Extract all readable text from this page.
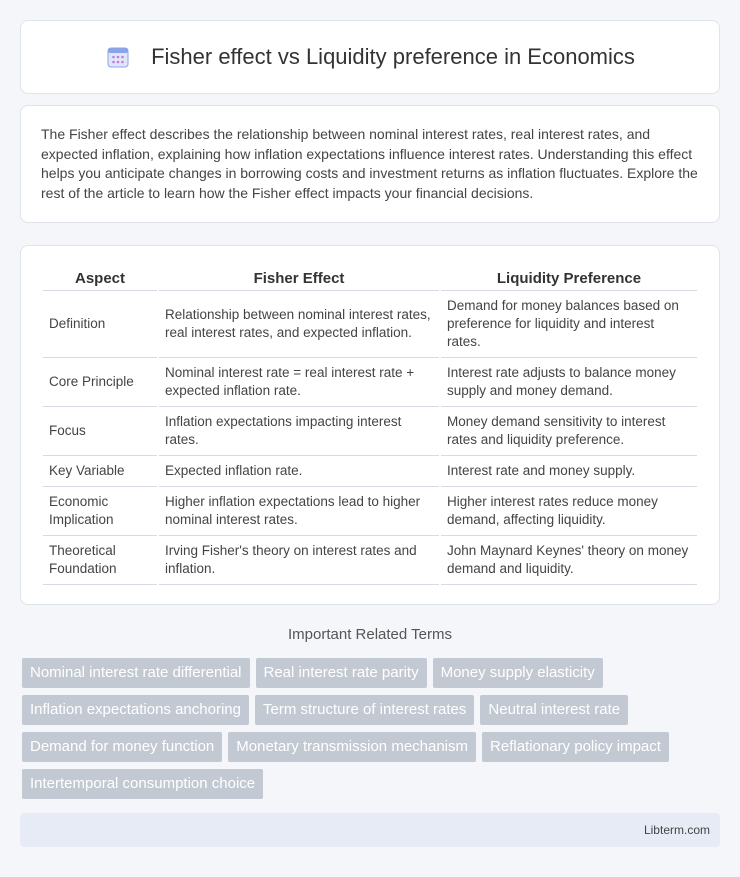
Fisher effect vs Liquidity preference in Economics

The Fisher effect describes the relationship between nominal interest rates, real interest rates, and expected inflation, explaining how inflation expectations influence interest rates. Understanding this effect helps you anticipate changes in borrowing costs and investment returns as inflation fluctuates. Explore the rest of the article to learn how the Fisher effect impacts your financial decisions.

Aspect	Fisher Effect	Liquidity Preference
Definition	Relationship between nominal interest rates, real interest rates, and expected inflation.	Demand for money balances based on preference for liquidity and interest rates.
Core Principle	Nominal interest rate = real interest rate + expected inflation rate.	Interest rate adjusts to balance money supply and money demand.
Focus	Inflation expectations impacting interest rates.	Money demand sensitivity to interest rates and liquidity preference.
Key Variable	Expected inflation rate.	Interest rate and money supply.
Economic Implication	Higher inflation expectations lead to higher nominal interest rates.	Higher interest rates reduce money demand, affecting liquidity.
Theoretical Foundation	Irving Fisher's theory on interest rates and inflation.	John Maynard Keynes' theory on money demand and liquidity.
Important Related Terms
Nominal interest rate differential	Real interest rate parity	Money supply elasticity
Inflation expectations anchoring	Term structure of interest rates	Neutral interest rate
Demand for money function	Monetary transmission mechanism	Reflationary policy impact
Intertemporal consumption choice
Libterm.com
